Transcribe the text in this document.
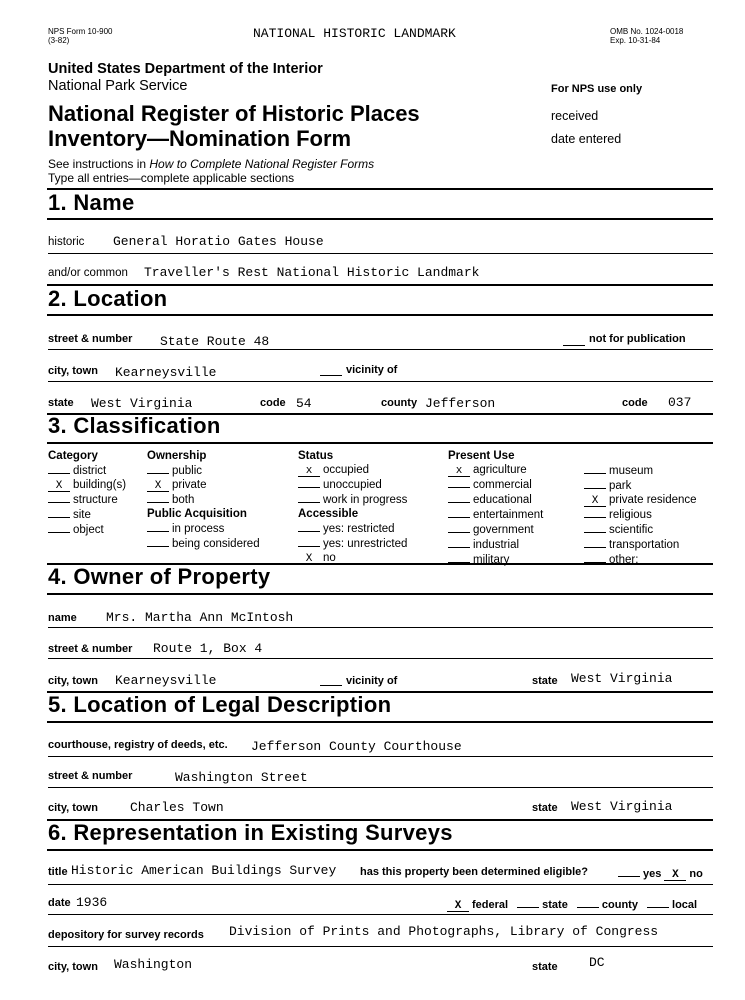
NPS Form 10-900
(3-82)	NATIONAL HISTORIC LANDMARK	OMB No. 1024-0018
Exp. 10-31-84
United States Department of the Interior
National Park Service
National Register of Historic Places
Inventory—Nomination Form
See instructions in How to Complete National Register Forms
Type all entries—complete applicable sections
For NPS use only
received
date entered
1. Name
historic General Horatio Gates House
and/or common Traveller's Rest National Historic Landmark
2. Location
street & number State Route 48	not for publication
city, town Kearneysville	vicinity of
state West Virginia	code 54	county Jefferson	code 037
3. Classification
Category
district
X building(s)
structure
site
object
Ownership
public
X private
both
Public Acquisition
in process
being considered
Status
x occupied
unoccupied
work in progress
Accessible
yes: restricted
yes: unrestricted
X no
Present Use
x agriculture
commercial
educational
entertainment
government
industrial
military
museum
park
X private residence
religious
scientific
transportation
other:
4. Owner of Property
name Mrs. Martha Ann McIntosh
street & number Route 1, Box 4
city, town Kearneysville	vicinity of	state West Virginia
5. Location of Legal Description
courthouse, registry of deeds, etc. Jefferson County Courthouse
street & number	Washington Street
city, town Charles Town	state West Virginia
6. Representation in Existing Surveys
title Historic American Buildings Survey has this property been determined eligible?	yes X no
date 1936	X federal	state	county	local
depository for survey records Division of Prints and Photographs, Library of Congress
city, town Washington	state DC
